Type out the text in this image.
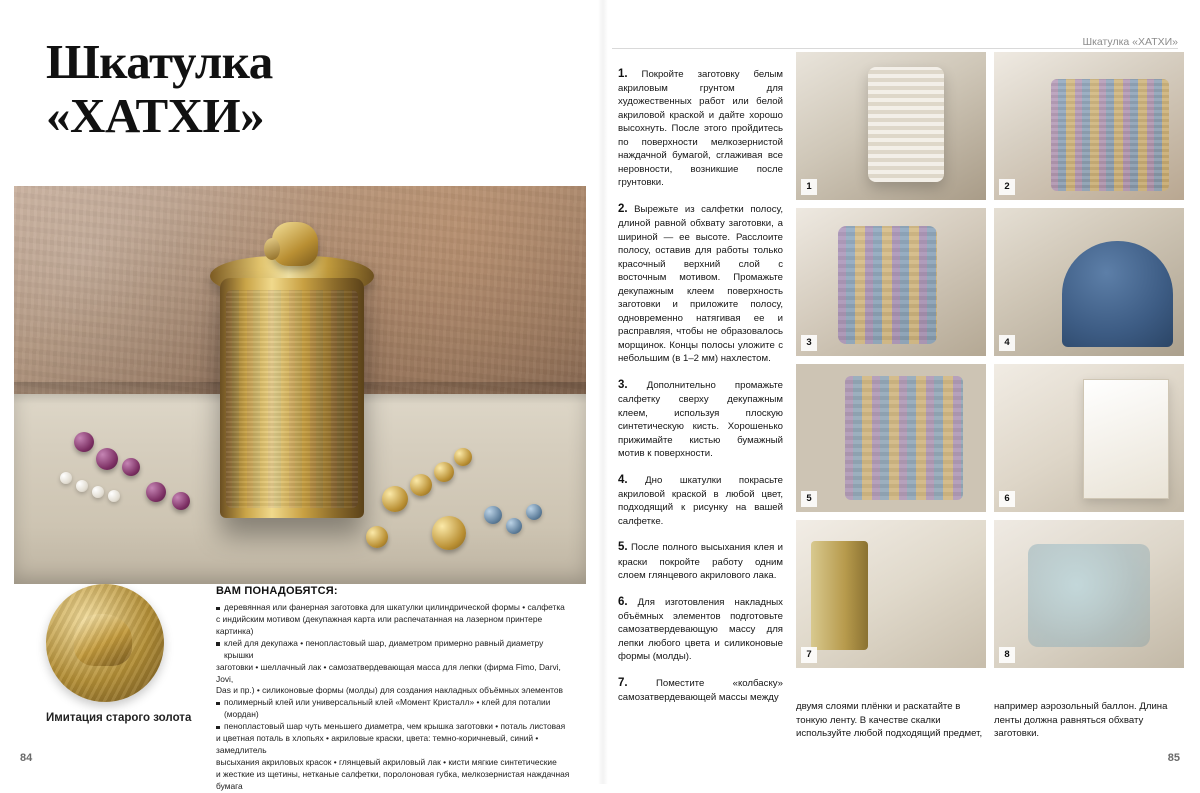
Шкатулка
«ХАТХИ»
Имитация старого золота
ВАМ ПОНАДОБЯТСЯ:
деревянная или фанерная заготовка для шкатулки цилиндрической формы • салфетка
с индийским мотивом (декупажная карта или распечатанная на лазерном принтере картинка)
клей для декупажа • пенопластовый шар, диаметром примерно равный диаметру крышки
заготовки • шеллачный лак • самозатвердевающая масса для лепки (фирма Fimo, Darvi, Jovi,
Das и пр.) • силиконовые формы (молды) для создания накладных объёмных элементов
полимерный клей или универсальный клей «Момент Кристалл» • клей для поталии (мордан)
пенопластовый шар чуть меньшего диаметра, чем крышка заготовки • поталь листовая
и цветная поталь в хлопьях • акриловые краски, цвета: темно-коричневый, синий • замедлитель
высыхания акриловых красок • глянцевый акриловый лак • кисти мягкие синтетические
и жесткие из щетины, нетканые салфетки, поролоновая губка, мелкозернистая наждачная бумага
84
Шкатулка «ХАТХИ»

1. Покройте заготовку белым акриловым грунтом для художественных работ или белой акриловой краской и дайте хорошо высохнуть. После этого пройдитесь по поверхности мелкозернистой наждачной бумагой, сглаживая все неровности, возникшие после грунтовки.

2. Вырежьте из салфетки полосу, длиной равной обхвату заготовки, а шириной — ее высоте. Расслоите полосу, оставив для работы только красочный верхний слой с восточным мотивом. Промажьте декупажным клеем поверхность заготовки и приложите полосу, одновременно натягивая ее и расправляя, чтобы не образовалось морщинок. Концы полосы уложите с небольшим (в 1–2 мм) нахлестом.

3. Дополнительно промажьте салфетку сверху декупажным клеем, используя плоскую синтетическую кисть. Хорошенько прижимайте кистью бумажный мотив к поверхности.

4. Дно шкатулки покрасьте акриловой краской в любой цвет, подходящий к рисунку на вашей салфетке.

5. После полного высыхания клея и краски покройте работу одним слоем глянцевого акрилового лака.

6. Для изготовления накладных объёмных элементов подготовьте самозатвердевающую массу для лепки любого цвета и силиконовые формы (молды).

7.	Поместите «колбаску» самозатвердевающей массы между

1	2
3	4
5	6
7	8
двумя слоями плёнки и раскатайте в тонкую ленту. В качестве скалки используйте любой подходящий предмет,
например аэрозольный баллон. Длина ленты должна равняться обхвату заготовки.
85
